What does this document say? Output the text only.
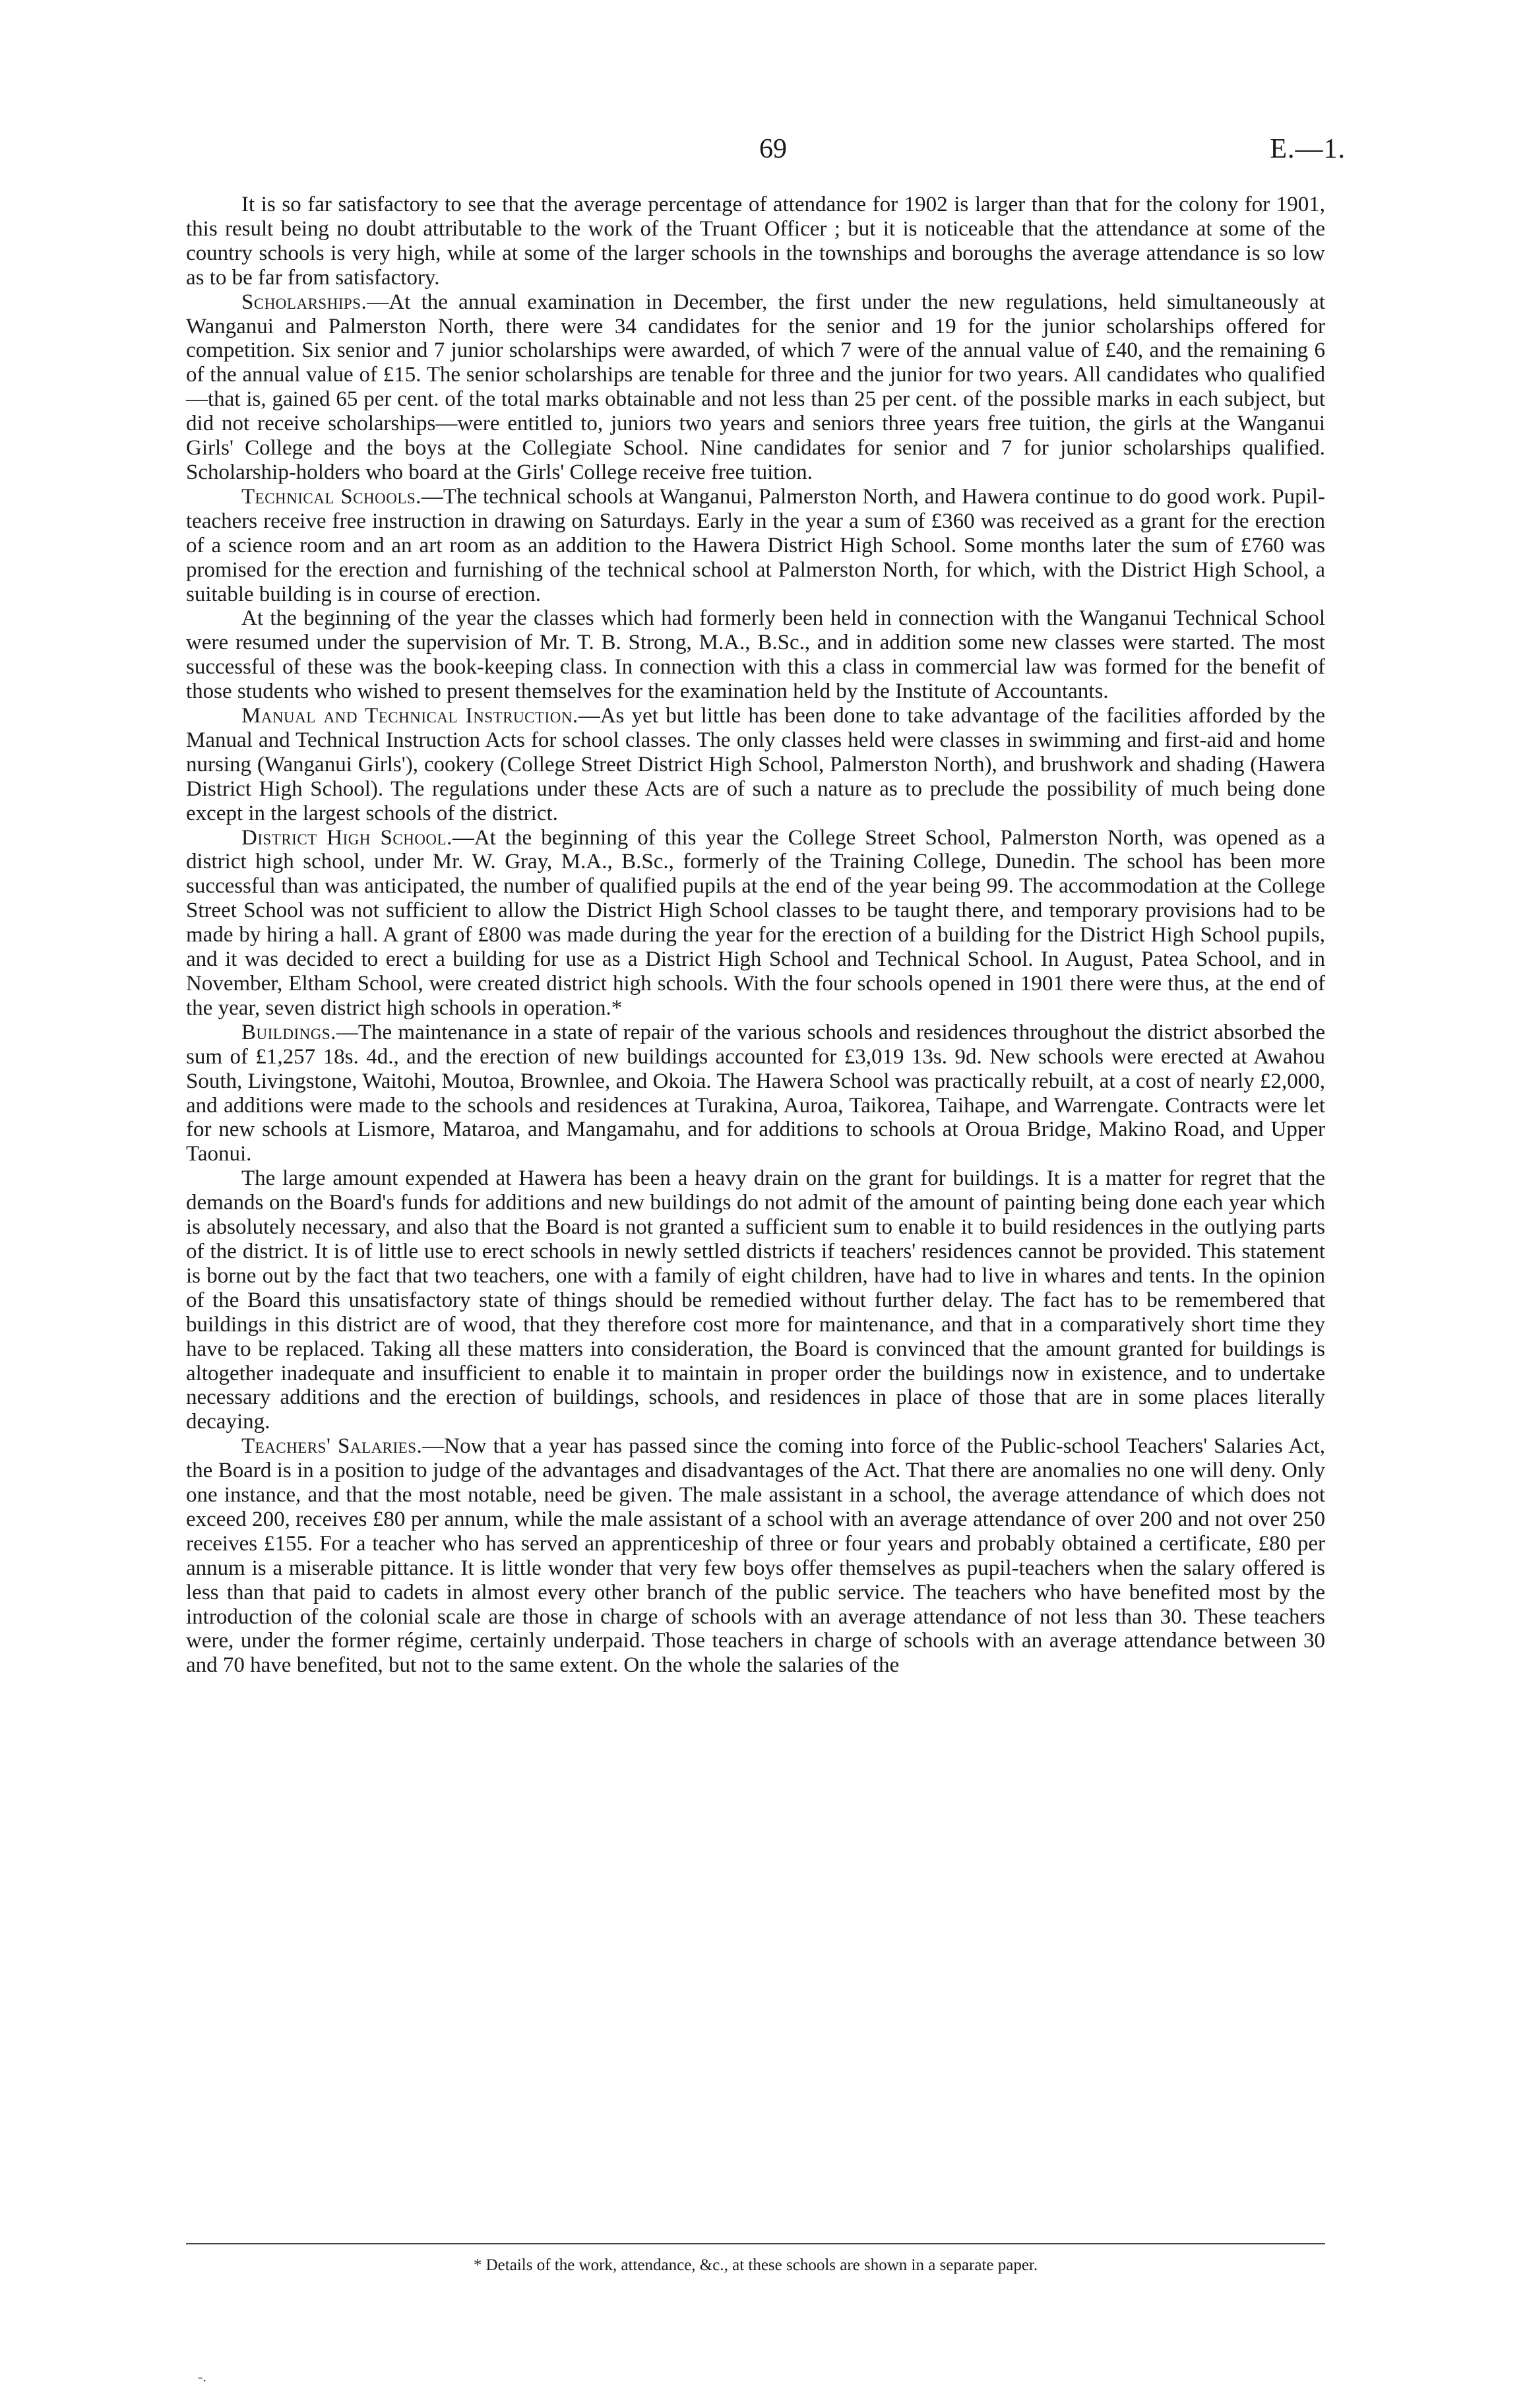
69	E.—1.

It is so far satisfactory to see that the average percentage of attendance for 1902 is larger than that for the colony for 1901, this result being no doubt attributable to the work of the Truant Officer ; but it is noticeable that the attendance at some of the country schools is very high, while at some of the larger schools in the townships and boroughs the average attendance is so low as to be far from satisfactory.

Scholarships.—At the annual examination in December, the first under the new regulations, held simultaneously at Wanganui and Palmerston North, there were 34 candidates for the senior and 19 for the junior scholarships offered for competition. Six senior and 7 junior scholarships were awarded, of which 7 were of the annual value of £40, and the remaining 6 of the annual value of £15. The senior scholarships are tenable for three and the junior for two years. All candidates who qualified—that is, gained 65 per cent. of the total marks obtainable and not less than 25 per cent. of the possible marks in each subject, but did not receive scholarships—were entitled to, juniors two years and seniors three years free tuition, the girls at the Wanganui Girls' College and the boys at the Collegiate School. Nine candidates for senior and 7 for junior scholarships qualified. Scholarship-holders who board at the Girls' College receive free tuition.

Technical Schools.—The technical schools at Wanganui, Palmerston North, and Hawera continue to do good work. Pupil-teachers receive free instruction in drawing on Saturdays. Early in the year a sum of £360 was received as a grant for the erection of a science room and an art room as an addition to the Hawera District High School. Some months later the sum of £760 was promised for the erection and furnishing of the technical school at Palmerston North, for which, with the District High School, a suitable building is in course of erection.

At the beginning of the year the classes which had formerly been held in connection with the Wanganui Technical School were resumed under the supervision of Mr. T. B. Strong, M.A., B.Sc., and in addition some new classes were started. The most successful of these was the book-keeping class. In connection with this a class in commercial law was formed for the benefit of those students who wished to present themselves for the examination held by the Institute of Accountants.

Manual and Technical Instruction.—As yet but little has been done to take advantage of the facilities afforded by the Manual and Technical Instruction Acts for school classes. The only classes held were classes in swimming and first-aid and home nursing (Wanganui Girls'), cookery (College Street District High School, Palmerston North), and brushwork and shading (Hawera District High School). The regulations under these Acts are of such a nature as to preclude the possibility of much being done except in the largest schools of the district.

District High School.—At the beginning of this year the College Street School, Palmerston North, was opened as a district high school, under Mr. W. Gray, M.A., B.Sc., formerly of the Training College, Dunedin. The school has been more successful than was anticipated, the number of qualified pupils at the end of the year being 99. The accommodation at the College Street School was not sufficient to allow the District High School classes to be taught there, and temporary provisions had to be made by hiring a hall. A grant of £800 was made during the year for the erection of a building for the District High School pupils, and it was decided to erect a building for use as a District High School and Technical School. In August, Patea School, and in November, Eltham School, were created district high schools. With the four schools opened in 1901 there were thus, at the end of the year, seven district high schools in operation.*

Buildings.—The maintenance in a state of repair of the various schools and residences throughout the district absorbed the sum of £1,257 18s. 4d., and the erection of new buildings accounted for £3,019 13s. 9d. New schools were erected at Awahou South, Livingstone, Waitohi, Moutoa, Brownlee, and Okoia. The Hawera School was practically rebuilt, at a cost of nearly £2,000, and additions were made to the schools and residences at Turakina, Auroa, Taikorea, Taihape, and Warrengate. Contracts were let for new schools at Lismore, Mataroa, and Mangamahu, and for additions to schools at Oroua Bridge, Makino Road, and Upper Taonui.

The large amount expended at Hawera has been a heavy drain on the grant for buildings. It is a matter for regret that the demands on the Board's funds for additions and new buildings do not admit of the amount of painting being done each year which is absolutely necessary, and also that the Board is not granted a sufficient sum to enable it to build residences in the outlying parts of the district. It is of little use to erect schools in newly settled districts if teachers' residences cannot be provided. This statement is borne out by the fact that two teachers, one with a family of eight children, have had to live in whares and tents. In the opinion of the Board this unsatisfactory state of things should be remedied without further delay. The fact has to be remembered that buildings in this district are of wood, that they therefore cost more for maintenance, and that in a comparatively short time they have to be replaced. Taking all these matters into consideration, the Board is convinced that the amount granted for buildings is altogether inadequate and insufficient to enable it to maintain in proper order the buildings now in existence, and to undertake necessary additions and the erection of buildings, schools, and residences in place of those that are in some places literally decaying.

Teachers' Salaries.—Now that a year has passed since the coming into force of the Public-school Teachers' Salaries Act, the Board is in a position to judge of the advantages and disadvantages of the Act. That there are anomalies no one will deny. Only one instance, and that the most notable, need be given. The male assistant in a school, the average attendance of which does not exceed 200, receives £80 per annum, while the male assistant of a school with an average attendance of over 200 and not over 250 receives £155. For a teacher who has served an apprenticeship of three or four years and probably obtained a certificate, £80 per annum is a miserable pittance. It is little wonder that very few boys offer themselves as pupil-teachers when the salary offered is less than that paid to cadets in almost every other branch of the public service. The teachers who have benefited most by the introduction of the colonial scale are those in charge of schools with an average attendance of not less than 30. These teachers were, under the former régime, certainly underpaid. Those teachers in charge of schools with an average attendance between 30 and 70 have benefited, but not to the same extent. On the whole the salaries of the

* Details of the work, attendance, &c., at these schools are shown in a separate paper.
-.
